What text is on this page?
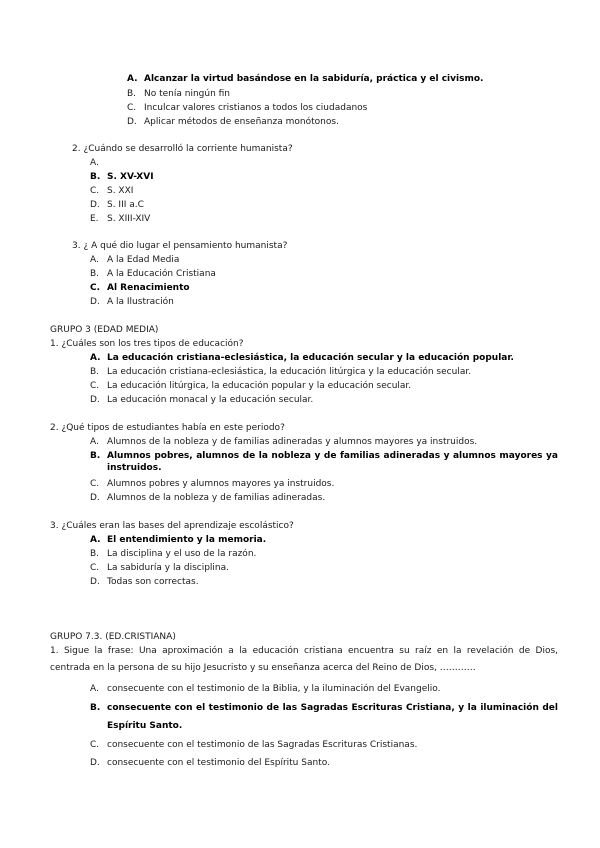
A. Alcanzar la virtud basándose en la sabiduría, práctica y el civismo.
B. No tenía ningún fin
C. Inculcar valores cristianos a todos los ciudadanos
D. Aplicar métodos de enseñanza monótonos.
2. ¿Cuándo se desarrolló la corriente humanista?
A.
B. S. XV-XVI
C. S. XXI
D. S. III a.C
E. S. XIII-XIV
3. ¿ A qué dio lugar el pensamiento humanista?
A. A la Edad Media
B. A la Educación Cristiana
C. Al Renacimiento
D. A la Ilustración
GRUPO 3 (EDAD MEDIA)
1. ¿Cuáles son los tres tipos de educación?
A. La educación cristiana-eclesiástica, la educación secular y la educación popular.
B. La educación cristiana-eclesiástica, la educación litúrgica y la educación secular.
C. La educación litúrgica, la educación popular y la educación secular.
D. La educación monacal y la educación secular.
2. ¿Qué tipos de estudiantes había en este periodo?
A. Alumnos de la nobleza y de familias adineradas y alumnos mayores ya instruidos.
B. Alumnos pobres, alumnos de la nobleza y de familias adineradas y alumnos mayores ya instruidos.
C. Alumnos pobres y alumnos mayores ya instruidos.
D. Alumnos de la nobleza y de familias adineradas.
3. ¿Cuáles eran las bases del aprendizaje escolástico?
A. El entendimiento y la memoria.
B. La disciplina y el uso de la razón.
C. La sabiduría y la disciplina.
D. Todas son correctas.
GRUPO 7.3. (ED.CRISTIANA)
1. Sigue la frase: Una aproximación a la educación cristiana encuentra su raíz en la revelación de Dios, centrada en la persona de su hijo Jesucristo y su enseñanza acerca del Reino de Dios, …………
A. consecuente con el testimonio de la Biblia, y la iluminación del Evangelio.
B. consecuente con el testimonio de las Sagradas Escrituras Cristiana, y la iluminación del Espíritu Santo.
C. consecuente con el testimonio de las Sagradas Escrituras Cristianas.
D. consecuente con el testimonio del Espíritu Santo.
